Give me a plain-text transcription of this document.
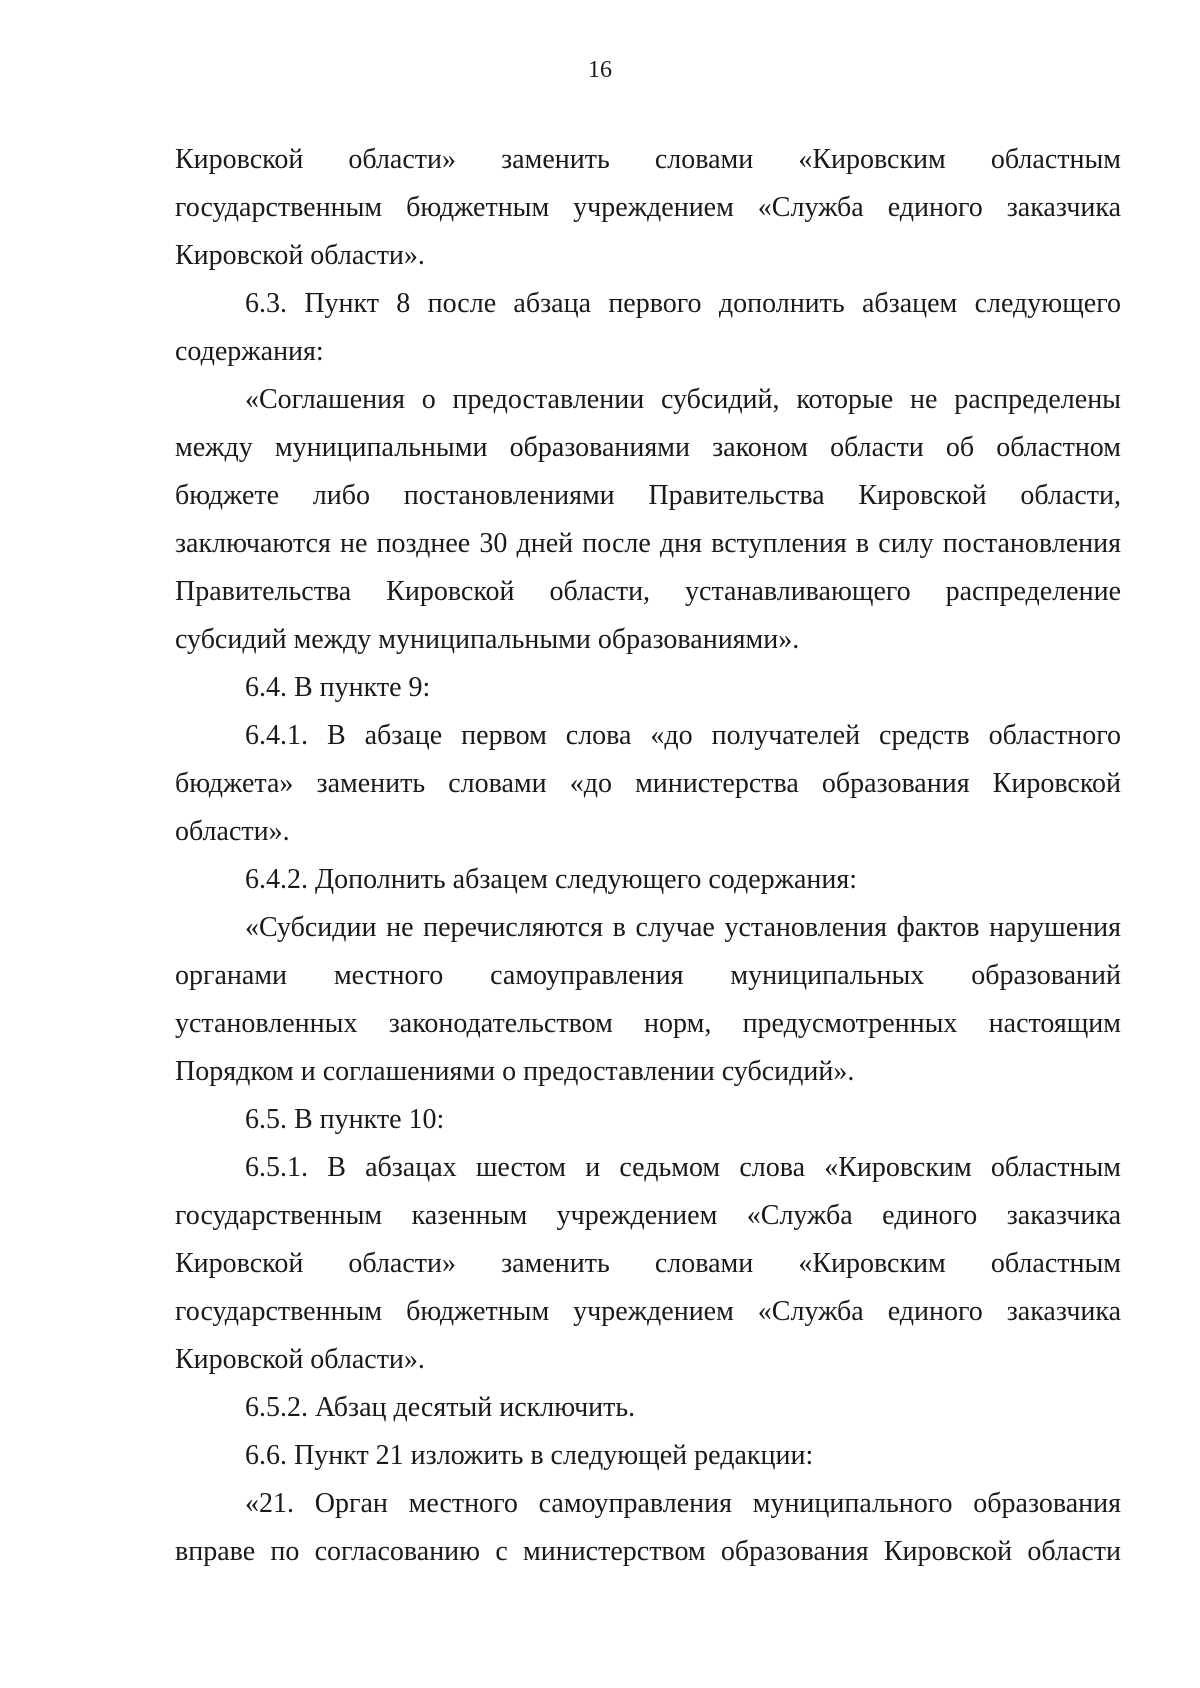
16

Кировской области» заменить словами «Кировским областным государственным бюджетным учреждением «Служба единого заказчика Кировской области».

6.3. Пункт 8 после абзаца первого дополнить абзацем следующего содержания:

«Соглашения о предоставлении субсидий, которые не распределены между муниципальными образованиями законом области об областном бюджете либо постановлениями Правительства Кировской области, заключаются не позднее 30 дней после дня вступления в силу постановления Правительства Кировской области, устанавливающего распределение субсидий между муниципальными образованиями».

6.4. В пункте 9:

6.4.1. В абзаце первом слова «до получателей средств областного бюджета» заменить словами «до министерства образования Кировской области».

6.4.2. Дополнить абзацем следующего содержания:

«Субсидии не перечисляются в случае установления фактов нарушения органами местного самоуправления муниципальных образований установленных законодательством норм, предусмотренных настоящим Порядком и соглашениями о предоставлении субсидий».

6.5. В пункте 10:

6.5.1. В абзацах шестом и седьмом слова «Кировским областным государственным казенным учреждением «Служба единого заказчика Кировской области» заменить словами «Кировским областным государственным бюджетным учреждением «Служба единого заказчика Кировской области».

6.5.2. Абзац десятый исключить.

6.6. Пункт 21 изложить в следующей редакции:

«21. Орган местного самоуправления муниципального образования вправе по согласованию с министерством образования Кировской области
